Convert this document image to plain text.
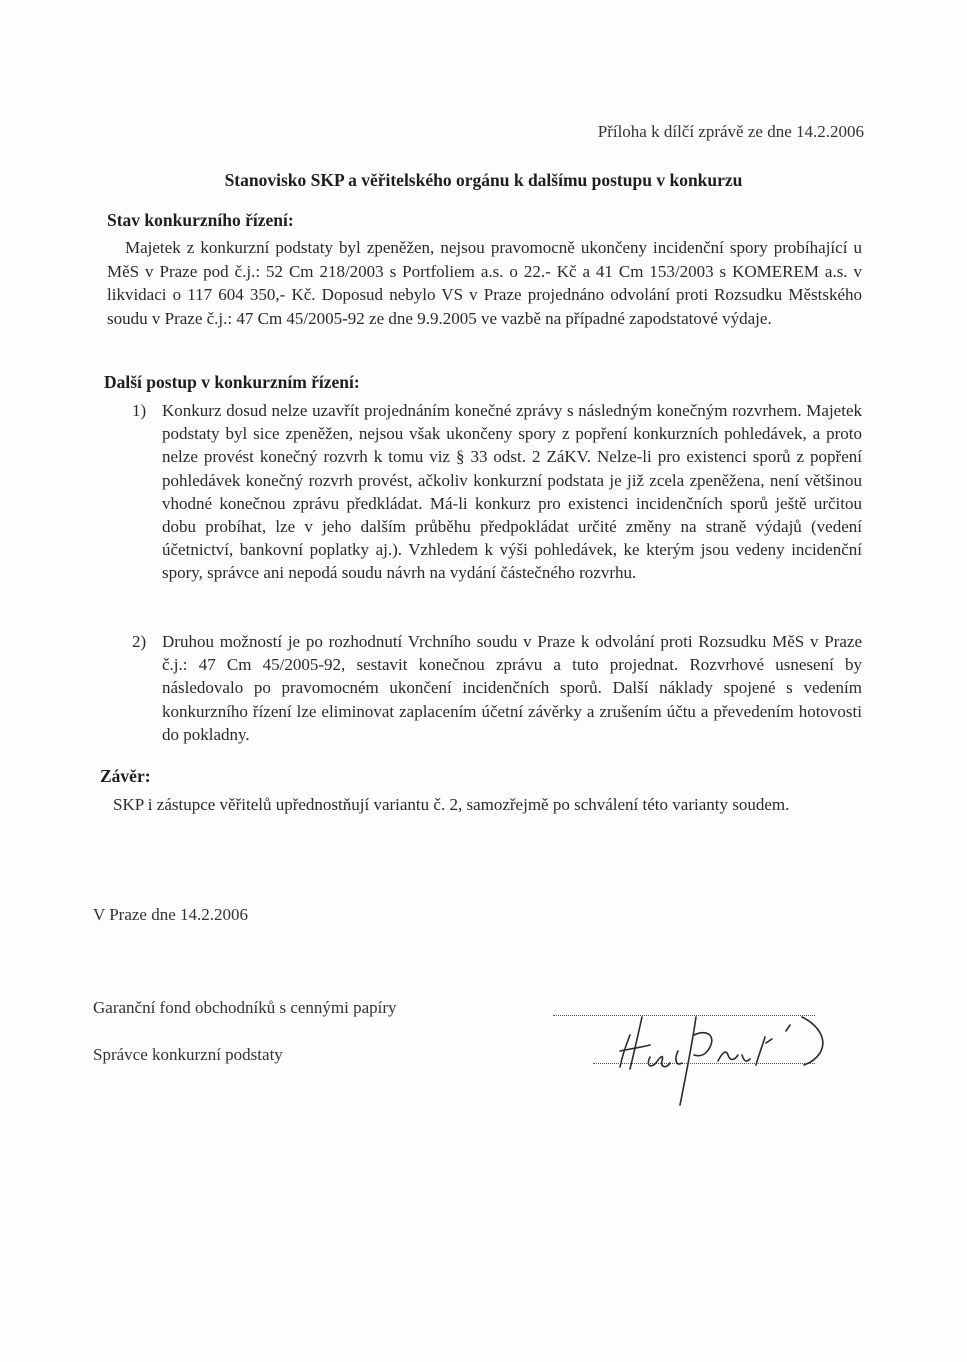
Příloha k dílčí zprávě ze dne 14.2.2006
Stanovisko SKP a věřitelského orgánu k dalšímu postupu v konkurzu
Stav konkurzního řízení:

Majetek z konkurzní podstaty byl zpeněžen, nejsou pravomocně ukončeny incidenční spory probíhající u MěS v Praze pod č.j.: 52 Cm 218/2003 s Portfoliem a.s. o 22.- Kč a 41 Cm 153/2003 s KOMEREM a.s. v likvidaci o 117 604 350,- Kč. Doposud nebylo VS v Praze projednáno odvolání proti Rozsudku Městského soudu v Praze č.j.: 47 Cm 45/2005-92 ze dne 9.9.2005 ve vazbě na případné zapodstatové výdaje.

Další postup v konkurzním řízení:
1) Konkurz dosud nelze uzavřít projednáním konečné zprávy s následným konečným rozvrhem. Majetek podstaty byl sice zpeněžen, nejsou však ukončeny spory z popření konkurzních pohledávek, a proto nelze provést konečný rozvrh k tomu viz § 33 odst. 2 ZáKV. Nelze-li pro existenci sporů z popření pohledávek konečný rozvrh provést, ačkoliv konkurzní podstata je již zcela zpeněžena, není většinou vhodné konečnou zprávu předkládat. Má-li konkurz pro existenci incidenčních sporů ještě určitou dobu probíhat, lze v jeho dalším průběhu předpokládat určité změny na straně výdajů (vedení účetnictví, bankovní poplatky aj.). Vzhledem k výši pohledávek, ke kterým jsou vedeny incidenční spory, správce ani nepodá soudu návrh na vydání částečného rozvrhu.
2) Druhou možností je po rozhodnutí Vrchního soudu v Praze k odvolání proti Rozsudku MěS v Praze č.j.: 47 Cm 45/2005-92, sestavit konečnou zprávu a tuto projednat. Rozvrhové usnesení by následovalo po pravomocném ukončení incidenčních sporů. Další náklady spojené s vedením konkurzního řízení lze eliminovat zaplacením účetní závěrky a zrušením účtu a převedením hotovosti do pokladny.
Závěr:

SKP i zástupce věřitelů upřednostňují variantu č. 2, samozřejmě po schválení této varianty soudem.

V Praze dne 14.2.2006
Garanční fond obchodníků s cennými papíry
Správce konkurzní podstaty
